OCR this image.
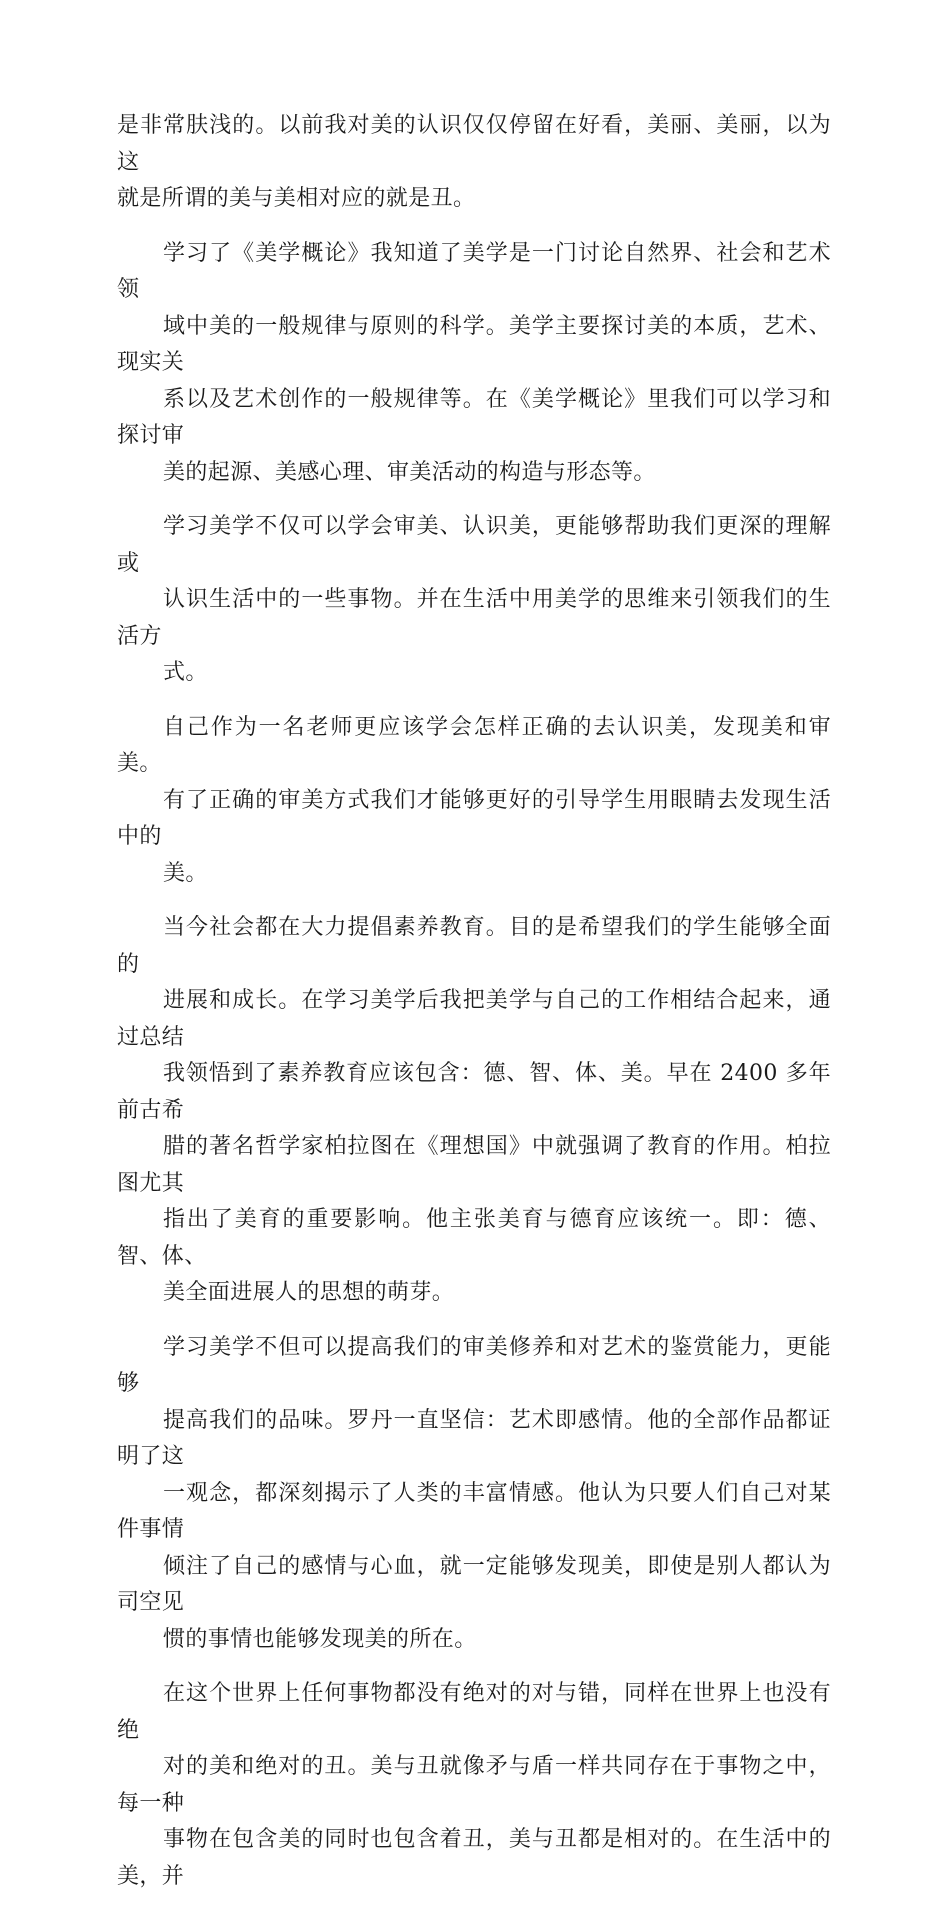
是非常肤浅的。以前我对美的认识仅仅停留在好看，美丽、美丽，以为这
就是所谓的美与美相对应的就是丑。

学习了《美学概论》我知道了美学是一门讨论自然界、社会和艺术领
域中美的一般规律与原则的科学。美学主要探讨美的本质，艺术、现实关
系以及艺术创作的一般规律等。在《美学概论》里我们可以学习和探讨审
美的起源、美感心理、审美活动的构造与形态等。

学习美学不仅可以学会审美、认识美，更能够帮助我们更深的理解或
认识生活中的一些事物。并在生活中用美学的思维来引领我们的生活方
式。

自己作为一名老师更应该学会怎样正确的去认识美，发现美和审美。
有了正确的审美方式我们才能够更好的引导学生用眼睛去发现生活中的
美。

当今社会都在大力提倡素养教育。目的是希望我们的学生能够全面的
进展和成长。在学习美学后我把美学与自己的工作相结合起来，通过总结
我领悟到了素养教育应该包含：德、智、体、美。早在 2400 多年前古希
腊的著名哲学家柏拉图在《理想国》中就强调了教育的作用。柏拉图尤其
指出了美育的重要影响。他主张美育与德育应该统一。即：德、智、体、
美全面进展人的思想的萌芽。

学习美学不但可以提高我们的审美修养和对艺术的鉴赏能力，更能够
提高我们的品味。罗丹一直坚信：艺术即感情。他的全部作品都证明了这
一观念，都深刻揭示了人类的丰富情感。他认为只要人们自己对某件事情
倾注了自己的感情与心血，就一定能够发现美，即使是别人都认为司空见
惯的事情也能够发现美的所在。

在这个世界上任何事物都没有绝对的对与错，同样在世界上也没有绝
对的美和绝对的丑。美与丑就像矛与盾一样共同存在于事物之中，每一种
事物在包含美的同时也包含着丑，美与丑都是相对的。在生活中的美，并
